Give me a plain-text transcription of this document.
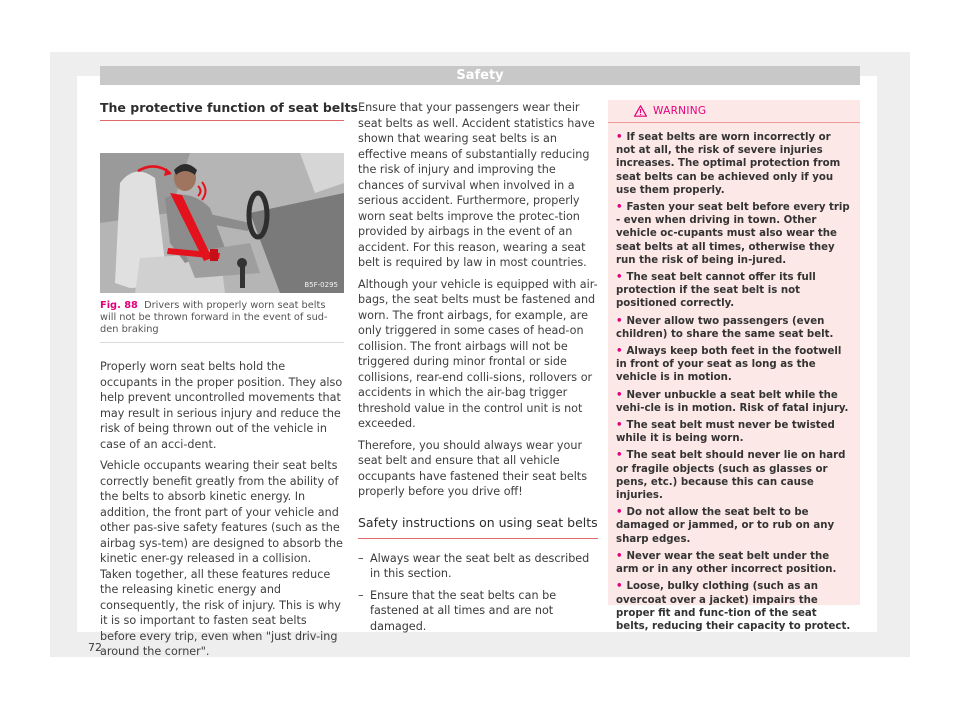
Safety
The protective function of seat belts
B5F-0295
Fig. 88 Drivers with properly worn seat belts will not be thrown forward in the event of sud-den braking

Properly worn seat belts hold the occupants in the proper position. They also help prevent uncontrolled movements that may result in serious injury and reduce the risk of being thrown out of the vehicle in case of an acci-dent.

Vehicle occupants wearing their seat belts correctly benefit greatly from the ability of the belts to absorb kinetic energy. In addition, the front part of your vehicle and other pas-sive safety features (such as the airbag sys-tem) are designed to absorb the kinetic ener-gy released in a collision. Taken together, all these features reduce the releasing kinetic energy and consequently, the risk of injury. This is why it is so important to fasten seat belts before every trip, even when "just driv-ing around the corner".

Ensure that your passengers wear their seat belts as well. Accident statistics have shown that wearing seat belts is an effective means of substantially reducing the risk of injury and improving the chances of survival when involved in a serious accident. Furthermore, properly worn seat belts improve the protec-tion provided by airbags in the event of an accident. For this reason, wearing a seat belt is required by law in most countries.

Although your vehicle is equipped with air-bags, the seat belts must be fastened and worn. The front airbags, for example, are only triggered in some cases of head-on collision. The front airbags will not be triggered during minor frontal or side collisions, rear-end colli-sions, rollovers or accidents in which the air-bag trigger threshold value in the control unit is not exceeded.

Therefore, you should always wear your seat belt and ensure that all vehicle occupants have fastened their seat belts properly before you drive off!

Safety instructions on using seat belts
– Always wear the seat belt as described in this section.
– Ensure that the seat belts can be fastened at all times and are not damaged.
WARNING
• If seat belts are worn incorrectly or not at all, the risk of severe injuries increases. The optimal protection from seat belts can be achieved only if you use them properly.
• Fasten your seat belt before every trip - even when driving in town. Other vehicle oc-cupants must also wear the seat belts at all times, otherwise they run the risk of being in-jured.
• The seat belt cannot offer its full protection if the seat belt is not positioned correctly.
• Never allow two passengers (even children) to share the same seat belt.
• Always keep both feet in the footwell in front of your seat as long as the vehicle is in motion.
• Never unbuckle a seat belt while the vehi-cle is in motion. Risk of fatal injury.
• The seat belt must never be twisted while it is being worn.
• The seat belt should never lie on hard or fragile objects (such as glasses or pens, etc.) because this can cause injuries.
• Do not allow the seat belt to be damaged or jammed, or to rub on any sharp edges.
• Never wear the seat belt under the arm or in any other incorrect position.
• Loose, bulky clothing (such as an overcoat over a jacket) impairs the proper fit and func-tion of the seat belts, reducing their capacity to protect.
72
